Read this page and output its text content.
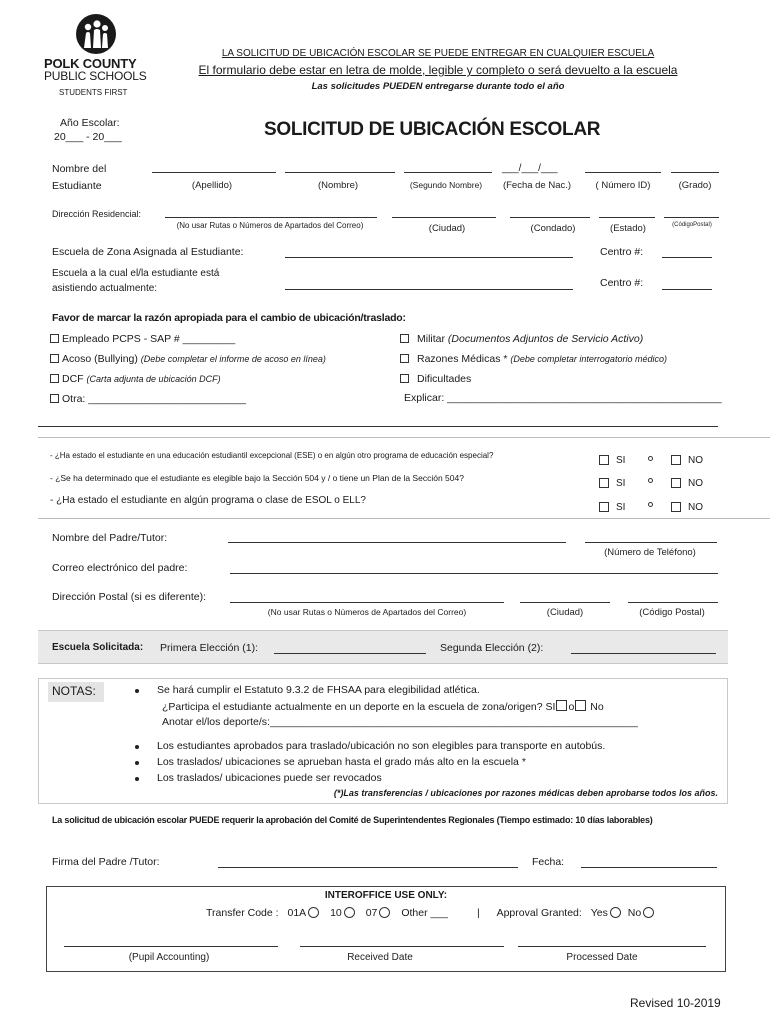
POLK COUNTY
PUBLIC SCHOOLS
STUDENTS FIRST
LA SOLICITUD DE UBICACIÓN ESCOLAR SE PUEDE ENTREGAR EN CUALQUIER ESCUELA
El formulario debe estar en letra de molde, legible y completo o será devuelto a la escuela
Las solicitudes PUEDEN entregarse durante todo el año
Año Escolar:
20___ - 20___	SOLICITUD DE UBICACIÓN ESCOLAR
Nombre del
Estudiante
___/___/___
(Apellido)	(Nombre)	(Segundo Nombre) (Fecha de Nac.)	( Número ID)	(Grado)
Dirección Residencial:
(No usar Rutas o Números de Apartados del Correo)	(Ciudad)	(Condado)	(Estado)	(CódigoPostal)
Escuela de Zona Asignada al Estudiante:	Centro #:
Escuela a la cual el/la estudiante está
asistiendo actualmente:	Centro #:
Favor de marcar la razón apropiada para el cambio de ubicación/traslado:
Empleado PCPS - SAP # _________
Acoso (Bullying) (Debe completar el informe de acoso en línea)
DCF (Carta adjunta de ubicación DCF)
Otra: ___________________________
Militar (Documentos Adjuntos de Servicio Activo)
Razones Médicas * (Debe completar interrogatorio médico)
Dificultades
Explicar: _______________________________________________
- ¿Ha estado el estudiante en una educación estudiantil excepcional (ESE) o en algún otro programa de educación especial?
- ¿Se ha determinado que el estudiante es elegible bajo la Sección 504 y / o tiene un Plan de la Sección 504?
- ¿Ha estado el estudiante en algún programa o clase de ESOL o ELL?
SI	NO
SI	NO
SI	NO
Nombre del Padre/Tutor:
(Número de Teléfono)
Correo electrónico del padre:
Dirección Postal (si es diferente):
(No usar Rutas o Números de Apartados del Correo)	(Ciudad)	(Código Postal)
Escuela Solicitada: Primera Elección (1):	Segunda Elección (2):
NOTAS:	Se hará cumplir el Estatuto 9.3.2 de FHSAA para elegibilidad atlética.
¿Participa el estudiante actualmente en un deporte en la escuela de zona/origen? SI o No
Anotar el/los deporte/s:_______________________________________________________________
Los estudiantes aprobados para traslado/ubicación no son elegibles para transporte en autobús.
Los traslados/ ubicaciones se aprueban hasta el grado más alto en la escuela *
Los traslados/ ubicaciones puede ser revocados
(*)Las transferencias / ubicaciones por razones médicas deben aprobarse todos los años.
La solicitud de ubicación escolar PUEDE requerir la aprobación del Comité de Superintendentes Regionales (Tiempo estimado: 10 días laborables)
Firma del Padre /Tutor:	Fecha:
INTEROFFICE USE ONLY:
Transfer Code : 01A 10 07 Other ___	| Approval Granted: Yes No
(Pupil Accounting)	Received Date	Processed Date
Revised 10-2019
